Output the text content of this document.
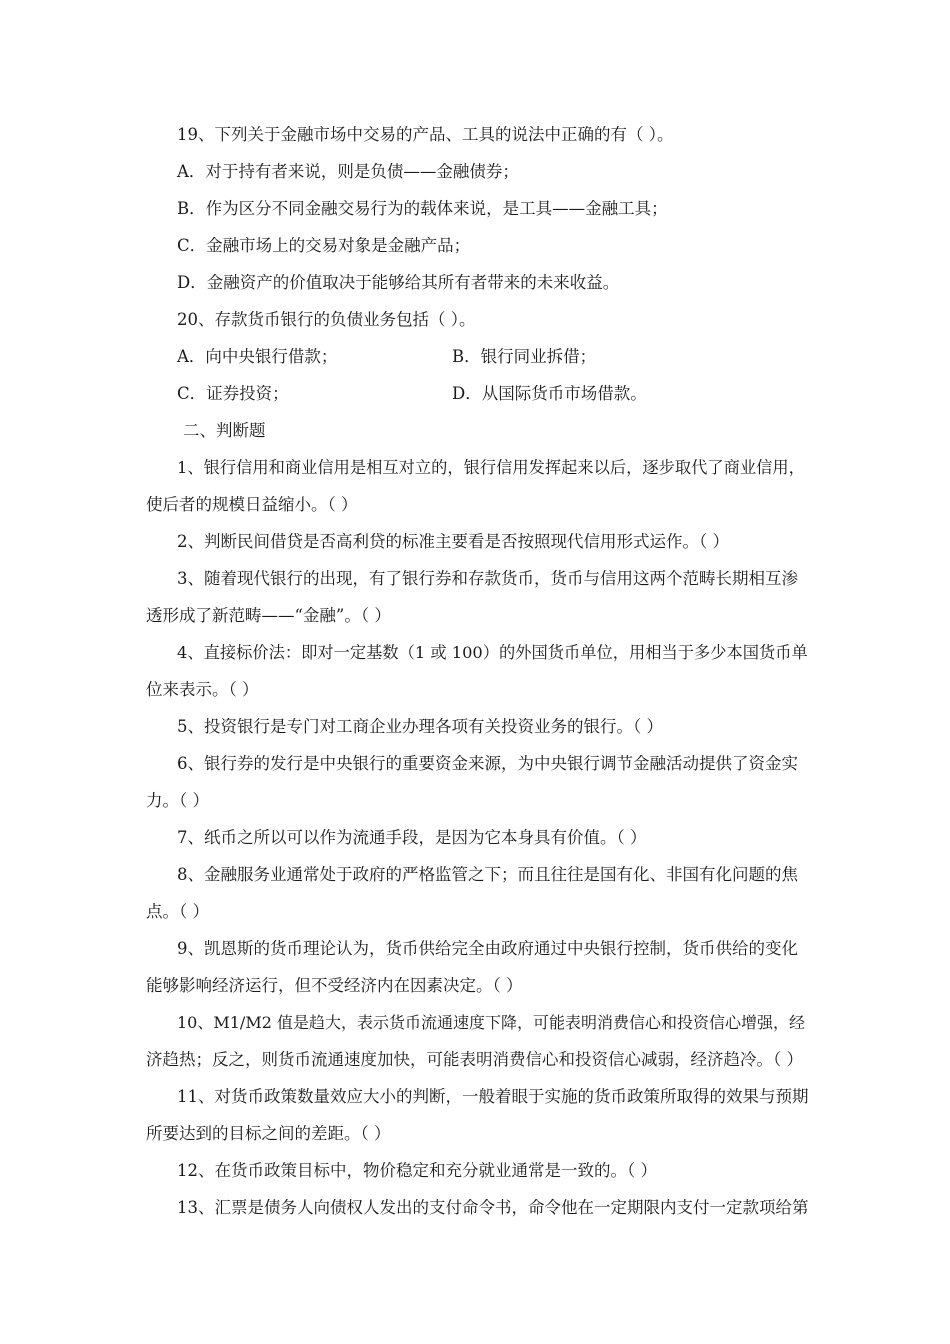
19、下列关于金融市场中交易的产品、工具的说法中正确的有（ ）。
A．对于持有者来说，则是负债——金融债券；
B．作为区分不同金融交易行为的载体来说，是工具——金融工具；
C．金融市场上的交易对象是金融产品；
D．金融资产的价值取决于能够给其所有者带来的未来收益。
20、存款货币银行的负债业务包括（ ）。
A．向中央银行借款；	B．银行同业拆借；
C．证券投资；	D．从国际货币市场借款。
二、判断题
1、银行信用和商业信用是相互对立的，银行信用发挥起来以后，逐步取代了商业信用，
使后者的规模日益缩小。（ ）
2、判断民间借贷是否高利贷的标准主要看是否按照现代信用形式运作。（ ）
3、随着现代银行的出现，有了银行券和存款货币，货币与信用这两个范畴长期相互渗
透形成了新范畴——“金融”。（ ）
4、直接标价法：即对一定基数（1 或 100）的外国货币单位，用相当于多少本国货币单
位来表示。（ ）
5、投资银行是专门对工商企业办理各项有关投资业务的银行。（ ）
6、银行券的发行是中央银行的重要资金来源，为中央银行调节金融活动提供了资金实
力。（ ）
7、纸币之所以可以作为流通手段，是因为它本身具有价值。（ ）
8、金融服务业通常处于政府的严格监管之下；而且往往是国有化、非国有化问题的焦
点。（ ）
9、凯恩斯的货币理论认为，货币供给完全由政府通过中央银行控制，货币供给的变化
能够影响经济运行，但不受经济内在因素决定。（ ）
10、M1/M2 值是趋大，表示货币流通速度下降，可能表明消费信心和投资信心增强，经
济趋热；反之，则货币流通速度加快，可能表明消费信心和投资信心减弱，经济趋冷。（ ）
11、对货币政策数量效应大小的判断，一般着眼于实施的货币政策所取得的效果与预期
所要达到的目标之间的差距。（ ）
12、在货币政策目标中，物价稳定和充分就业通常是一致的。（ ）
13、汇票是债务人向债权人发出的支付命令书，命令他在一定期限内支付一定款项给第
